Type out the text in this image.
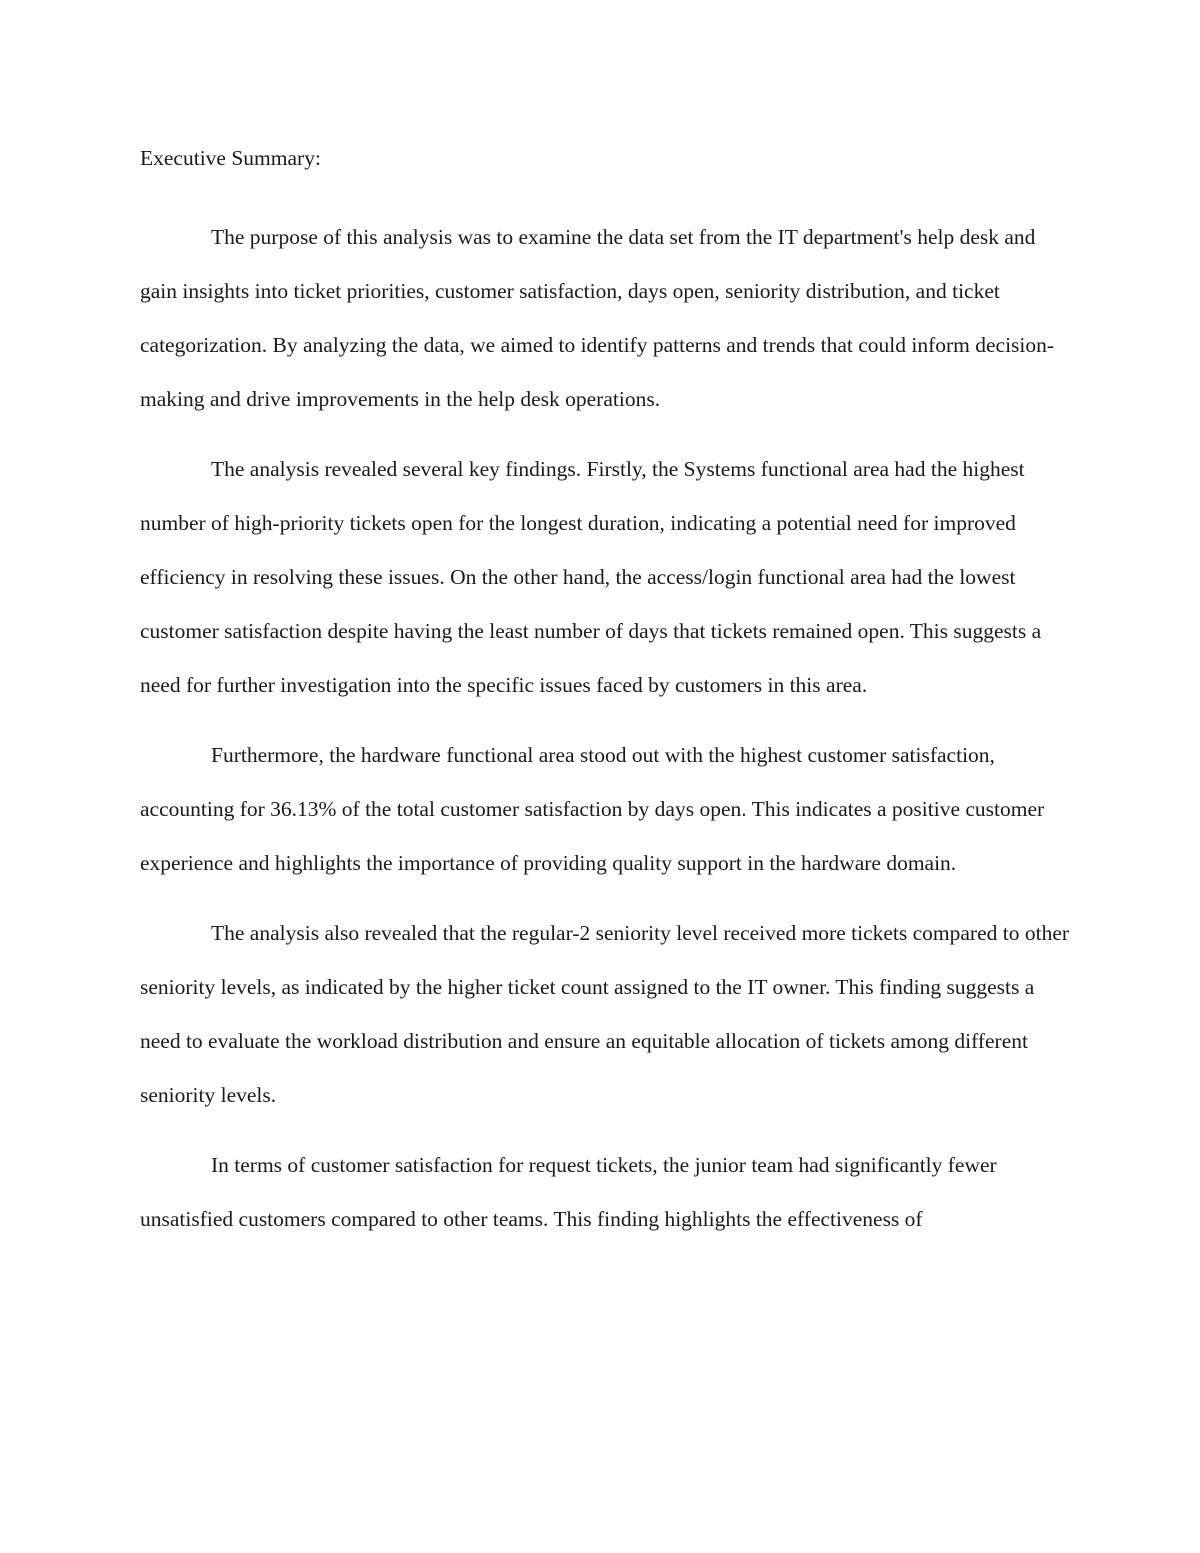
Executive Summary:

The purpose of this analysis was to examine the data set from the IT department's help desk and gain insights into ticket priorities, customer satisfaction, days open, seniority distribution, and ticket categorization. By analyzing the data, we aimed to identify patterns and trends that could inform decision-making and drive improvements in the help desk operations.

The analysis revealed several key findings. Firstly, the Systems functional area had the highest number of high-priority tickets open for the longest duration, indicating a potential need for improved efficiency in resolving these issues. On the other hand, the access/login functional area had the lowest customer satisfaction despite having the least number of days that tickets remained open. This suggests a need for further investigation into the specific issues faced by customers in this area.

Furthermore, the hardware functional area stood out with the highest customer satisfaction, accounting for 36.13% of the total customer satisfaction by days open. This indicates a positive customer experience and highlights the importance of providing quality support in the hardware domain.

The analysis also revealed that the regular-2 seniority level received more tickets compared to other seniority levels, as indicated by the higher ticket count assigned to the IT owner. This finding suggests a need to evaluate the workload distribution and ensure an equitable allocation of tickets among different seniority levels.

In terms of customer satisfaction for request tickets, the junior team had significantly fewer unsatisfied customers compared to other teams. This finding highlights the effectiveness of
